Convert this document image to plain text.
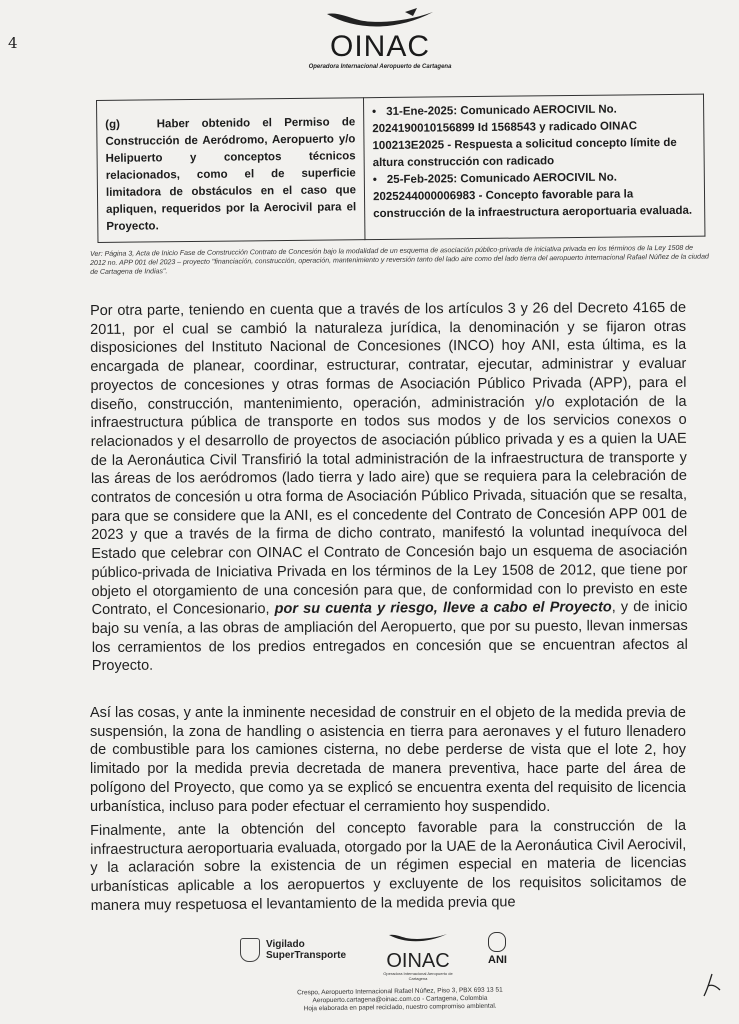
4	OINAC
Operadora Internacional Aeropuerto de Cartagena
(g)	Haber obtenido el Permiso de Construcción de Aeródromo, Aeropuerto y/o Helipuerto y conceptos técnicos relacionados, como el de superficie limitadora de obstáculos en el caso que apliquen, requeridos por la Aerocivil para el Proyecto.	
• 31-Ene-2025: Comunicado AEROCIVIL No. 2024190010156899 Id 1568543 y radicado OINAC 100213E2025 - Respuesta a solicitud concepto límite de altura construcción con radicado
• 25-Feb-2025: Comunicado AEROCIVIL No. 2025244000006983 - Concepto favorable para la construcción de la infraestructura aeroportuaria evaluada.
Ver: Página 3, Acta de Inicio Fase de Construcción Contrato de Concesión bajo la modalidad de un esquema de asociación público-privada de iniciativa privada en los términos de la Ley 1508 de 2012 no. APP 001 del 2023 – proyecto "financiación, construcción, operación, mantenimiento y reversión tanto del lado aire como del lado tierra del aeropuerto internacional Rafael Núñez de la ciudad de Cartagena de Indias".
Por otra parte, teniendo en cuenta que a través de los artículos 3 y 26 del Decreto 4165 de 2011, por el cual se cambió la naturaleza jurídica, la denominación y se fijaron otras disposiciones del Instituto Nacional de Concesiones (INCO) hoy ANI, esta última, es la encargada de planear, coordinar, estructurar, contratar, ejecutar, administrar y evaluar proyectos de concesiones y otras formas de Asociación Público Privada (APP), para el diseño, construcción, mantenimiento, operación, administración y/o explotación de la infraestructura pública de transporte en todos sus modos y de los servicios conexos o relacionados y el desarrollo de proyectos de asociación público privada y es a quien la UAE de la Aeronáutica Civil Transfirió la total administración de la infraestructura de transporte y las áreas de los aeródromos (lado tierra y lado aire) que se requiera para la celebración de contratos de concesión u otra forma de Asociación Público Privada, situación que se resalta, para que se considere que la ANI, es el concedente del Contrato de Concesión APP 001 de 2023 y que a través de la firma de dicho contrato, manifestó la voluntad inequívoca del Estado que celebrar con OINAC el Contrato de Concesión bajo un esquema de asociación público-privada de Iniciativa Privada en los términos de la Ley 1508 de 2012, que tiene por objeto el otorgamiento de una concesión para que, de conformidad con lo previsto en este Contrato, el Concesionario, por su cuenta y riesgo, lleve a cabo el Proyecto, y de inicio bajo su venía, a las obras de ampliación del Aeropuerto, que por su puesto, llevan inmersas los cerramientos de los predios entregados en concesión que se encuentran afectos al Proyecto.
Así las cosas, y ante la inminente necesidad de construir en el objeto de la medida previa de suspensión, la zona de handling o asistencia en tierra para aeronaves y el futuro llenadero de combustible para los camiones cisterna, no debe perderse de vista que el lote 2, hoy limitado por la medida previa decretada de manera preventiva, hace parte del área de polígono del Proyecto, que como ya se explicó se encuentra exenta del requisito de licencia urbanística, incluso para poder efectuar el cerramiento hoy suspendido.
Finalmente, ante la obtención del concepto favorable para la construcción de la infraestructura aeroportuaria evaluada, otorgado por la UAE de la Aeronáutica Civil Aerocivil, y la aclaración sobre la existencia de un régimen especial en materia de licencias urbanísticas aplicable a los aeropuertos y excluyente de los requisitos solicitamos de manera muy respetuosa el levantamiento de la medida previa que
Vigilado
SuperTransporte	OINAC
Operadora Internacional Aeropuerto de Cartagena
ANI
Crespo, Aeropuerto Internacional Rafael Núñez, Piso 3, PBX 693 13 51
Aeropuerto.cartagena@oinac.com.co - Cartagena, Colombia
Hoja elaborada en papel reciclado, nuestro compromiso ambiental.
